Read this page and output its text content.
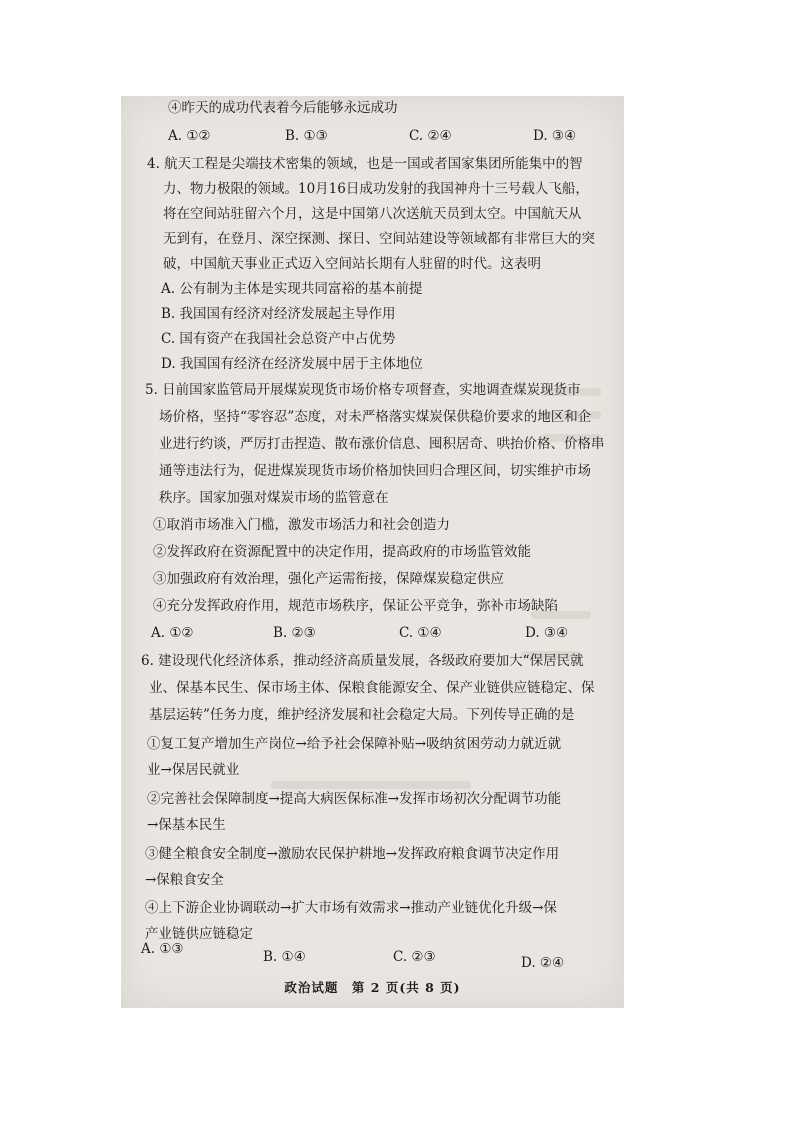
④昨天的成功代表着今后能够永远成功
A. ①②	B. ①③	C. ②④	D. ③④
4. 航天工程是尖端技术密集的领域，也是一国或者国家集团所能集中的智
力、物力极限的领域。10月16日成功发射的我国神舟十三号载人飞船，
将在空间站驻留六个月，这是中国第八次送航天员到太空。中国航天从
无到有，在登月、深空探测、探日、空间站建设等领域都有非常巨大的突
破，中国航天事业正式迈入空间站长期有人驻留的时代。这表明
A. 公有制为主体是实现共同富裕的基本前提
B. 我国国有经济对经济发展起主导作用
C. 国有资产在我国社会总资产中占优势
D. 我国国有经济在经济发展中居于主体地位
5. 日前国家监管局开展煤炭现货市场价格专项督查，实地调查煤炭现货市
场价格，坚持“零容忍”态度，对未严格落实煤炭保供稳价要求的地区和企
业进行约谈，严厉打击捏造、散布涨价信息、囤积居奇、哄抬价格、价格串
通等违法行为，促进煤炭现货市场价格加快回归合理区间，切实维护市场
秩序。国家加强对煤炭市场的监管意在
①取消市场准入门槛，激发市场活力和社会创造力
②发挥政府在资源配置中的决定作用，提高政府的市场监管效能
③加强政府有效治理，强化产运需衔接，保障煤炭稳定供应
④充分发挥政府作用，规范市场秩序，保证公平竞争，弥补市场缺陷
A. ①②	B. ②③	C. ①④	D. ③④
6. 建设现代化经济体系，推动经济高质量发展，各级政府要加大“保居民就
业、保基本民生、保市场主体、保粮食能源安全、保产业链供应链稳定、保
基层运转”任务力度，维护经济发展和社会稳定大局。下列传导正确的是
①复工复产增加生产岗位→给予社会保障补贴→吸纳贫困劳动力就近就
业→保居民就业
②完善社会保障制度→提高大病医保标准→发挥市场初次分配调节功能
→保基本民生
③健全粮食安全制度→激励农民保护耕地→发挥政府粮食调节决定作用
→保粮食安全
④上下游企业协调联动→扩大市场有效需求→推动产业链优化升级→保
产业链供应链稳定
A. ①③	B. ①④	C. ②③	D. ②④
政治试题　第 2 页(共 8 页)
